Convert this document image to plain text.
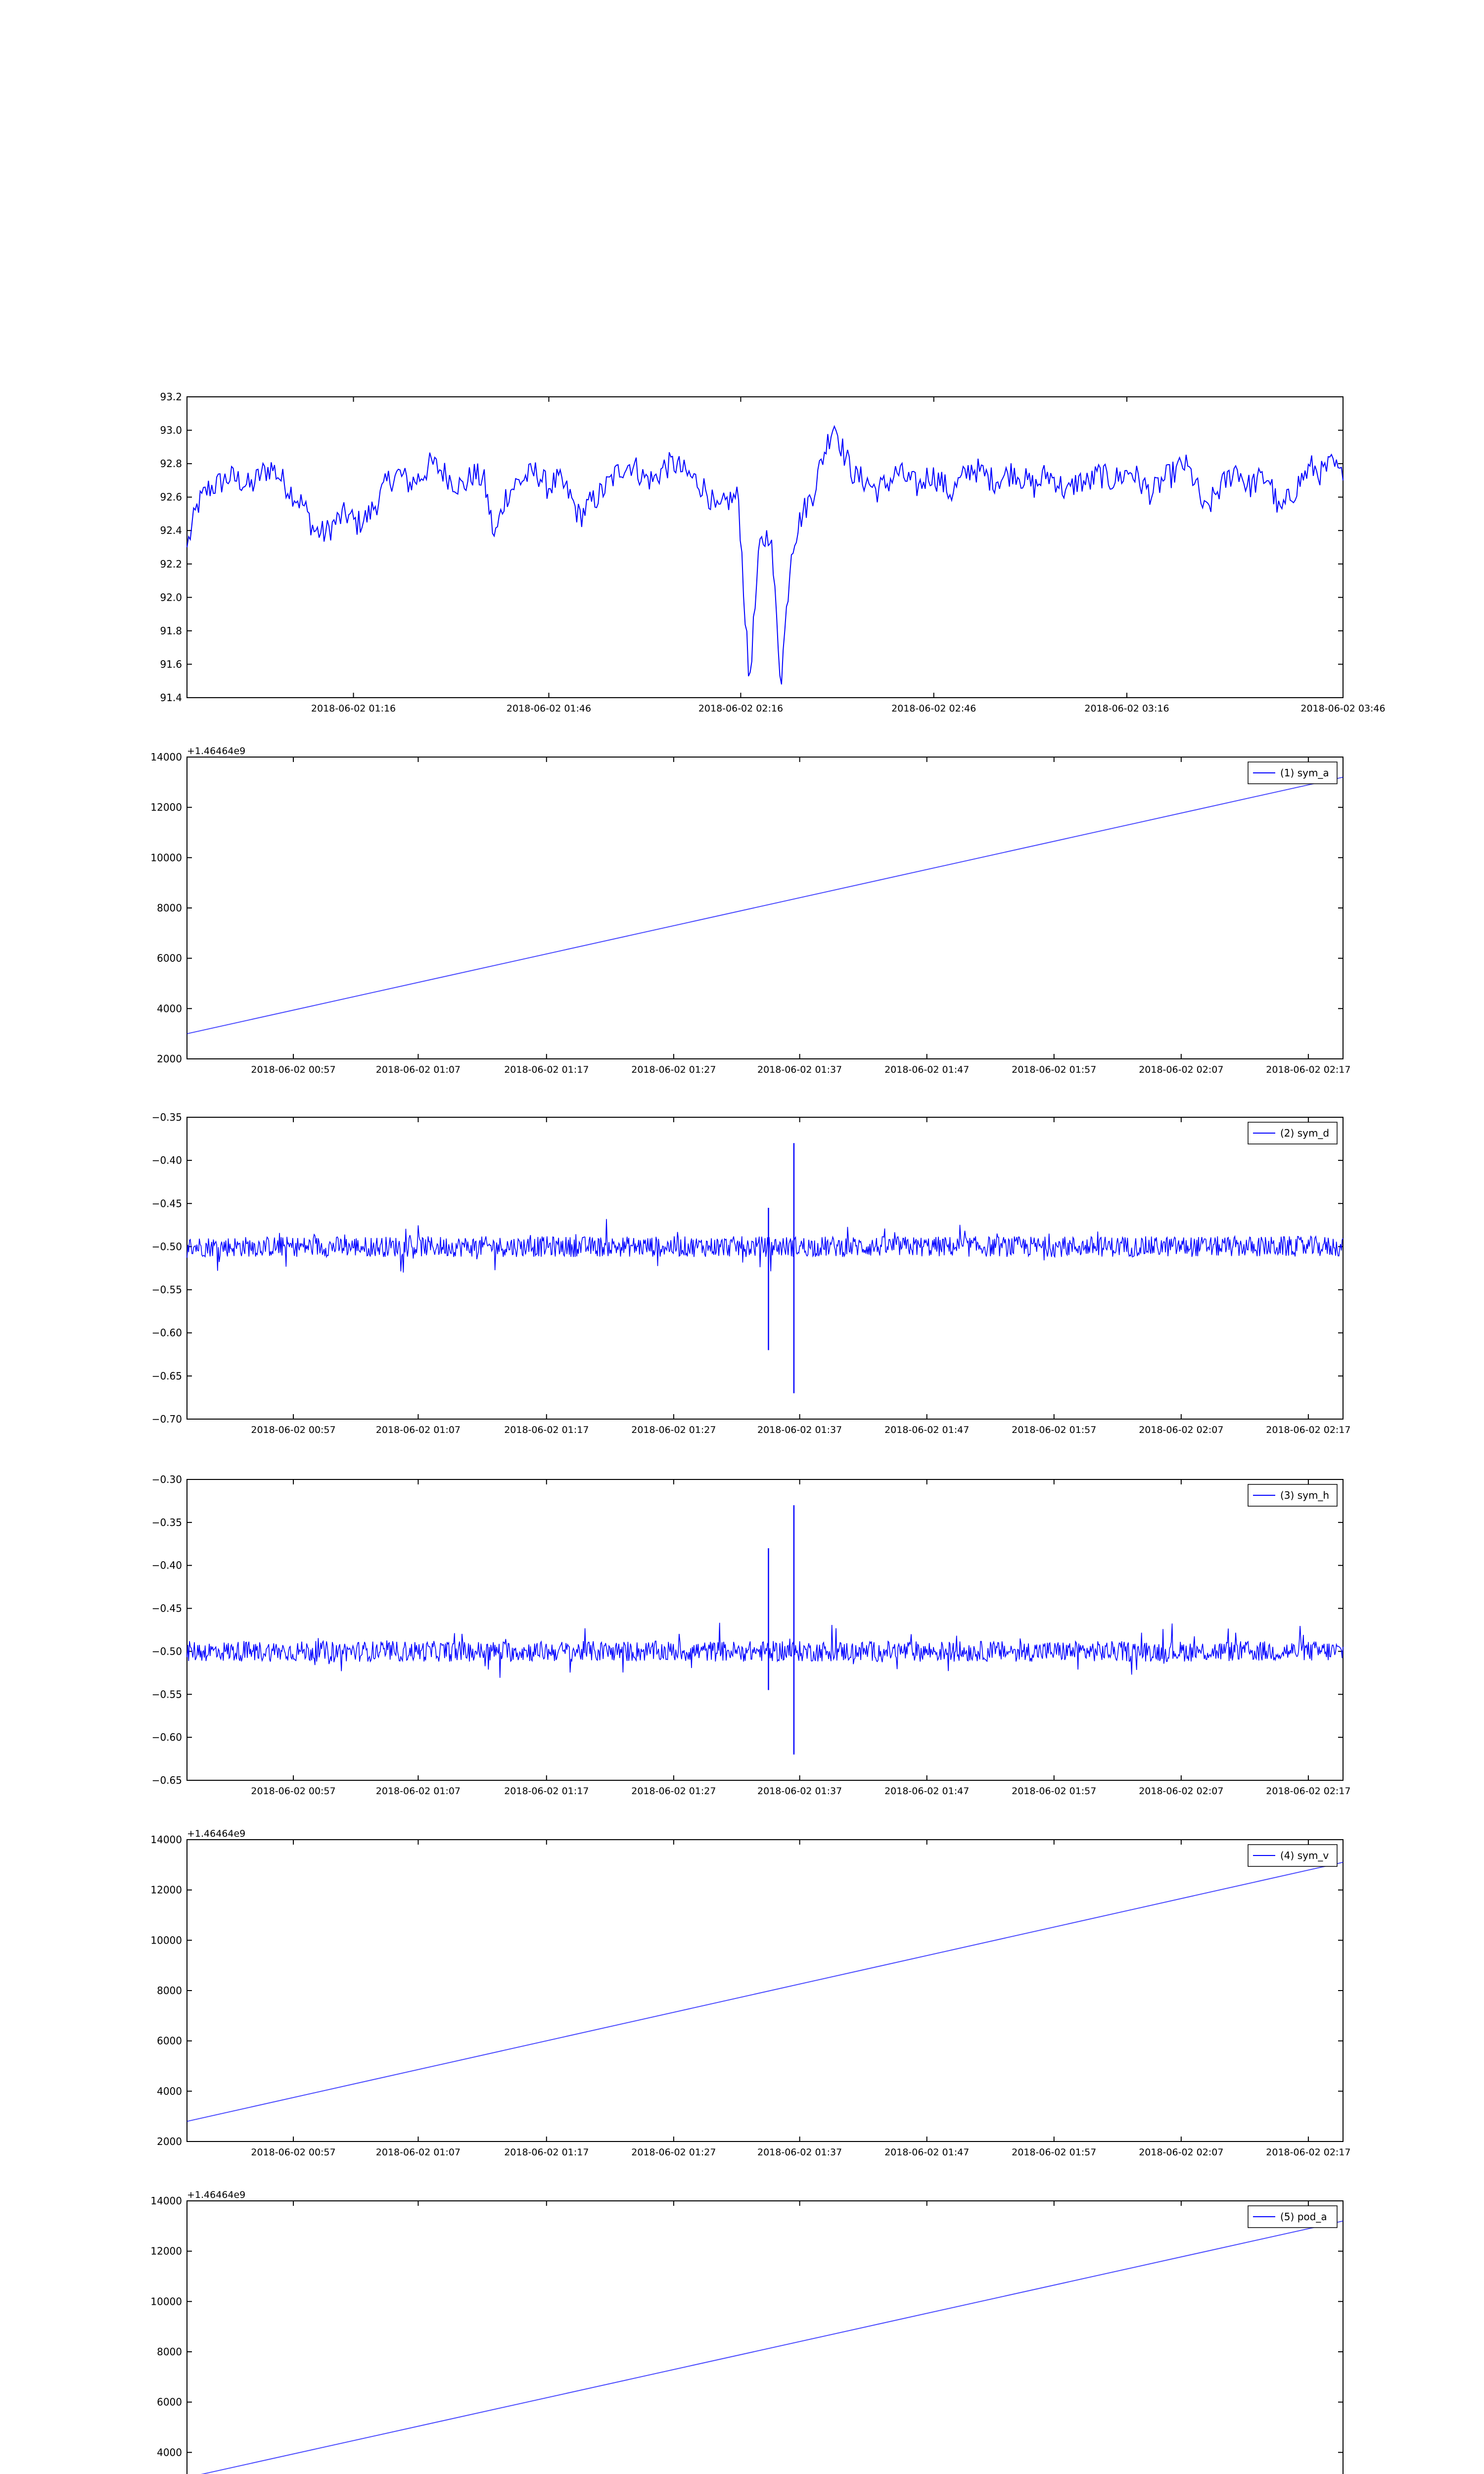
91.4
91.6
91.8
92.0
92.2
92.4
92.6
92.8
93.0
93.2
2018-06-02 01:16	2018-06-02 01:46	2018-06-02 02:16	2018-06-02 02:46	2018-06-02 03:16	2018-06-02 03:46
2000
4000
6000
8000
10000
12000
14000
2018-06-02 00:57	2018-06-02 01:07	2018-06-02 01:17	2018-06-02 01:27	2018-06-02 01:37	2018-06-02 01:47	2018-06-02 01:57	2018-06-02 02:07	2018-06-02 02:17
+1.46464e9
(1) sym_a
−0.70
−0.65
−0.60
−0.55
−0.50
−0.45
−0.40
−0.35
2018-06-02 00:57	2018-06-02 01:07	2018-06-02 01:17	2018-06-02 01:27	2018-06-02 01:37	2018-06-02 01:47	2018-06-02 01:57	2018-06-02 02:07	2018-06-02 02:17
(2) sym_d
−0.65
−0.60
−0.55
−0.50
−0.45
−0.40
−0.35
−0.30
2018-06-02 00:57	2018-06-02 01:07	2018-06-02 01:17	2018-06-02 01:27	2018-06-02 01:37	2018-06-02 01:47	2018-06-02 01:57	2018-06-02 02:07	2018-06-02 02:17
(3) sym_h
2000
4000
6000
8000
10000
12000
14000
2018-06-02 00:57	2018-06-02 01:07	2018-06-02 01:17	2018-06-02 01:27	2018-06-02 01:37	2018-06-02 01:47	2018-06-02 01:57	2018-06-02 02:07	2018-06-02 02:17
+1.46464e9
(4) sym_v
4000
6000
8000
10000
12000
14000 +1.46464e9
(5) pod_a
